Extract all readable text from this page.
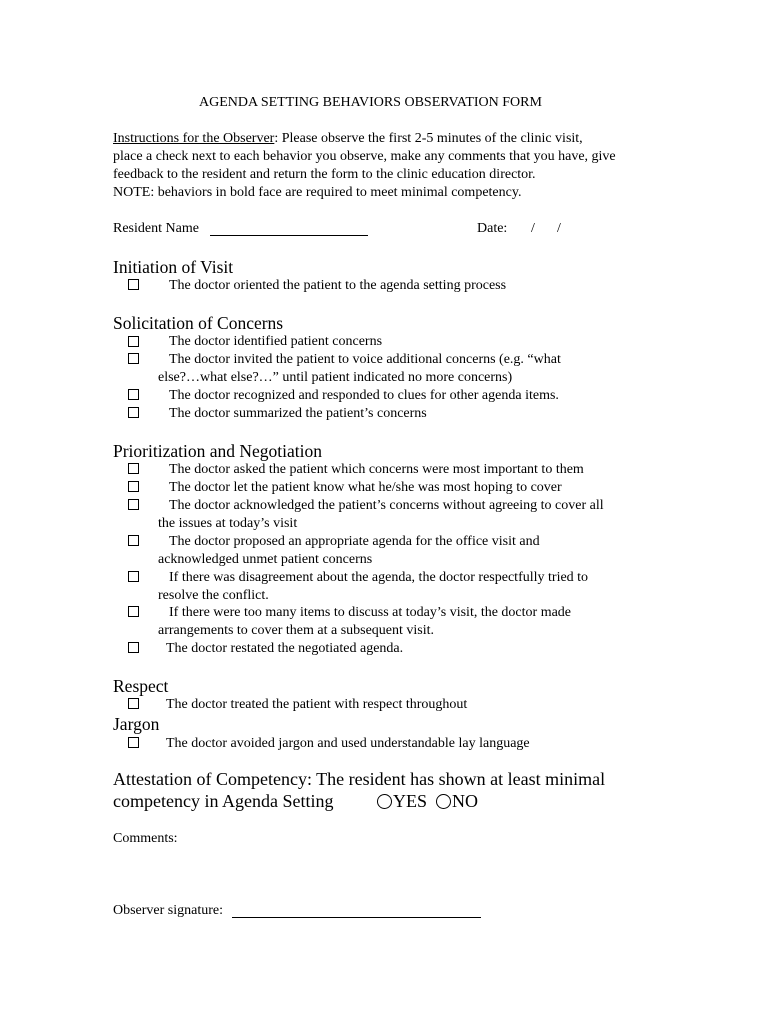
AGENDA SETTING BEHAVIORS OBSERVATION FORM
Instructions for the Observer: Please observe the first 2-5 minutes of the clinic visit,
place a check next to each behavior you observe, make any comments that you have, give
feedback to the resident and return the form to the clinic education director.
NOTE: behaviors in bold face are required to meet minimal competency.
Resident Name	Date: / /
Initiation of Visit
The doctor oriented the patient to the agenda setting process
Solicitation of Concerns
The doctor identified patient concerns
The doctor invited the patient to voice additional concerns (e.g. “what
else?…what else?…” until patient indicated no more concerns)
The doctor recognized and responded to clues for other agenda items.
The doctor summarized the patient’s concerns
Prioritization and Negotiation
The doctor asked the patient which concerns were most important to them
The doctor let the patient know what he/she was most hoping to cover
The doctor acknowledged the patient’s concerns without agreeing to cover all
the issues at today’s visit
The doctor proposed an appropriate agenda for the office visit and
acknowledged unmet patient concerns
If there was disagreement about the agenda, the doctor respectfully tried to
resolve the conflict.
If there were too many items to discuss at today’s visit, the doctor made
arrangements to cover them at a subsequent visit.
The doctor restated the negotiated agenda.
Respect
The doctor treated the patient with respect throughout
Jargon
The doctor avoided jargon and used understandable lay language
Attestation of Competency: The resident has shown at least minimal
competency in Agenda Setting	YES NO
Comments:
Observer signature:
